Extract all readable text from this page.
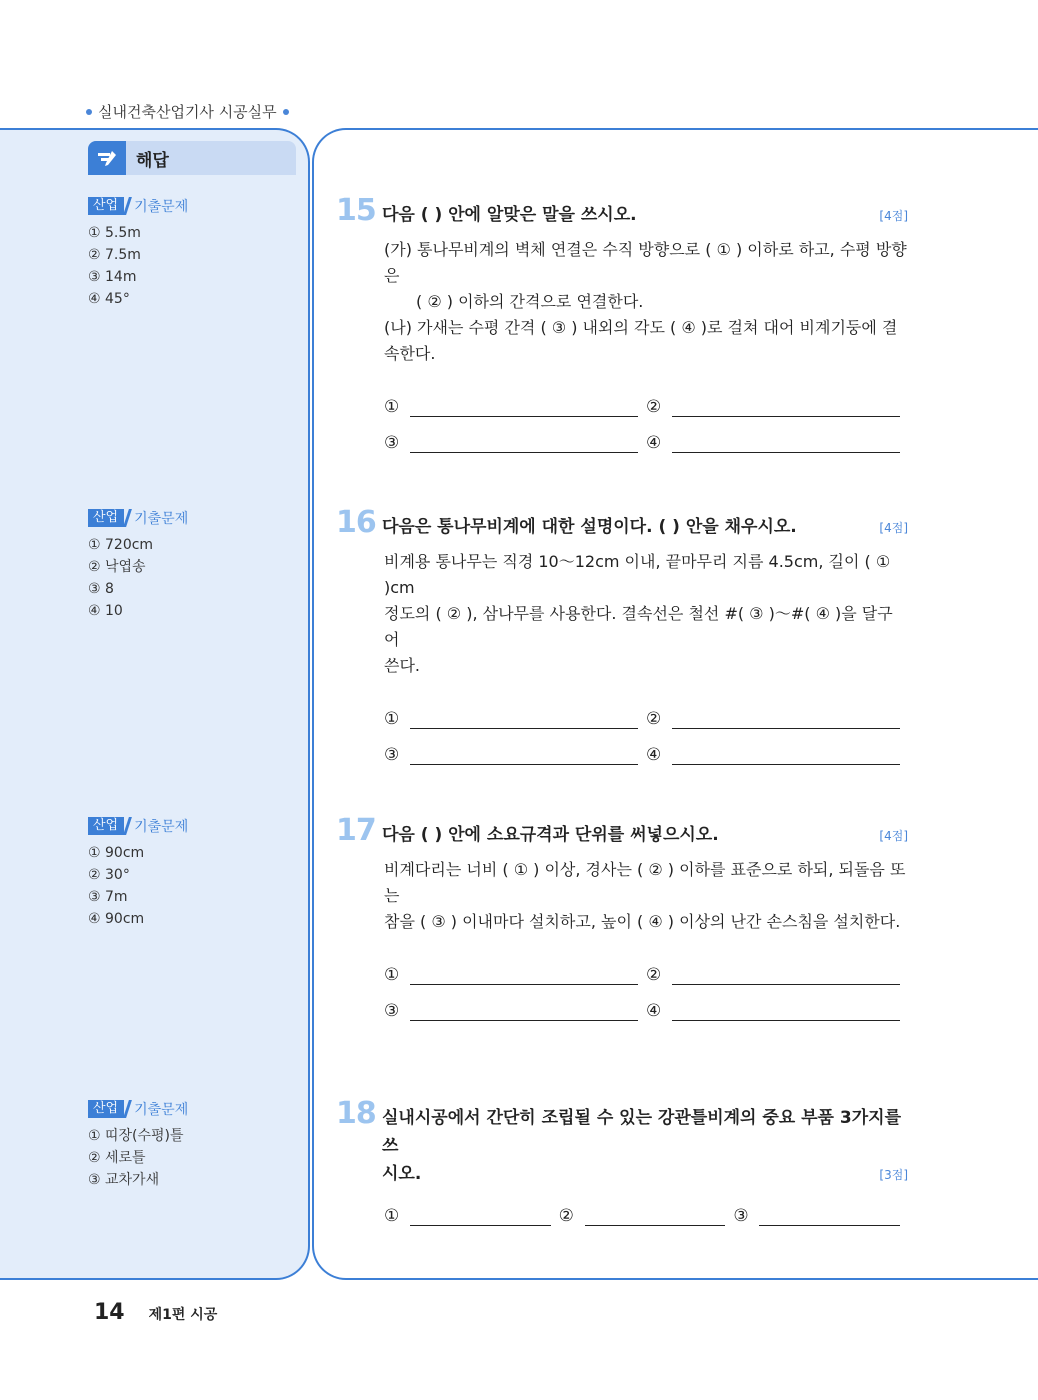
실내건축산업기사 시공실무
해답
산업	기출문제
① 5.5m
② 7.5m
③ 14m
④ 45°
산업	기출문제
① 720cm
② 낙엽송
③ 8
④ 10
산업	기출문제
① 90cm
② 30°
③ 7m
④ 90cm
산업	기출문제
① 띠장(수평)틀
② 세로틀
③ 교차가새
15 다음 ( ) 안에 알맞은 말을 쓰시오.	[4점]

(가) 통나무비계의 벽체 연결은 수직 방향으로 ( ① ) 이하로 하고, 수평 방향은

( ② ) 이하의 간격으로 연결한다.

(나) 가새는 수평 간격 ( ③ ) 내외의 각도 ( ④ )로 걸쳐 대어 비계기둥에 결속한다.

①	②
③	④
16 다음은 통나무비계에 대한 설명이다. ( ) 안을 채우시오.	[4점]

비계용 통나무는 직경 10～12cm 이내, 끝마무리 지름 4.5cm, 길이 ( ① )cm

정도의 ( ② ), 삼나무를 사용한다. 결속선은 철선 #( ③ )～#( ④ )을 달구어

쓴다.

①	②
③	④
17 다음 ( ) 안에 소요규격과 단위를 써넣으시오.	[4점]

비계다리는 너비 ( ① ) 이상, 경사는 ( ② ) 이하를 표준으로 하되, 되돌음 또는

참을 ( ③ ) 이내마다 설치하고, 높이 ( ④ ) 이상의 난간 손스침을 설치한다.

①	②
③	④
18 실내시공에서 간단히 조립될 수 있는 강관틀비계의 중요 부품 3가지를 쓰
시오.	[3점]
①	②	③
14 제1편 시공
